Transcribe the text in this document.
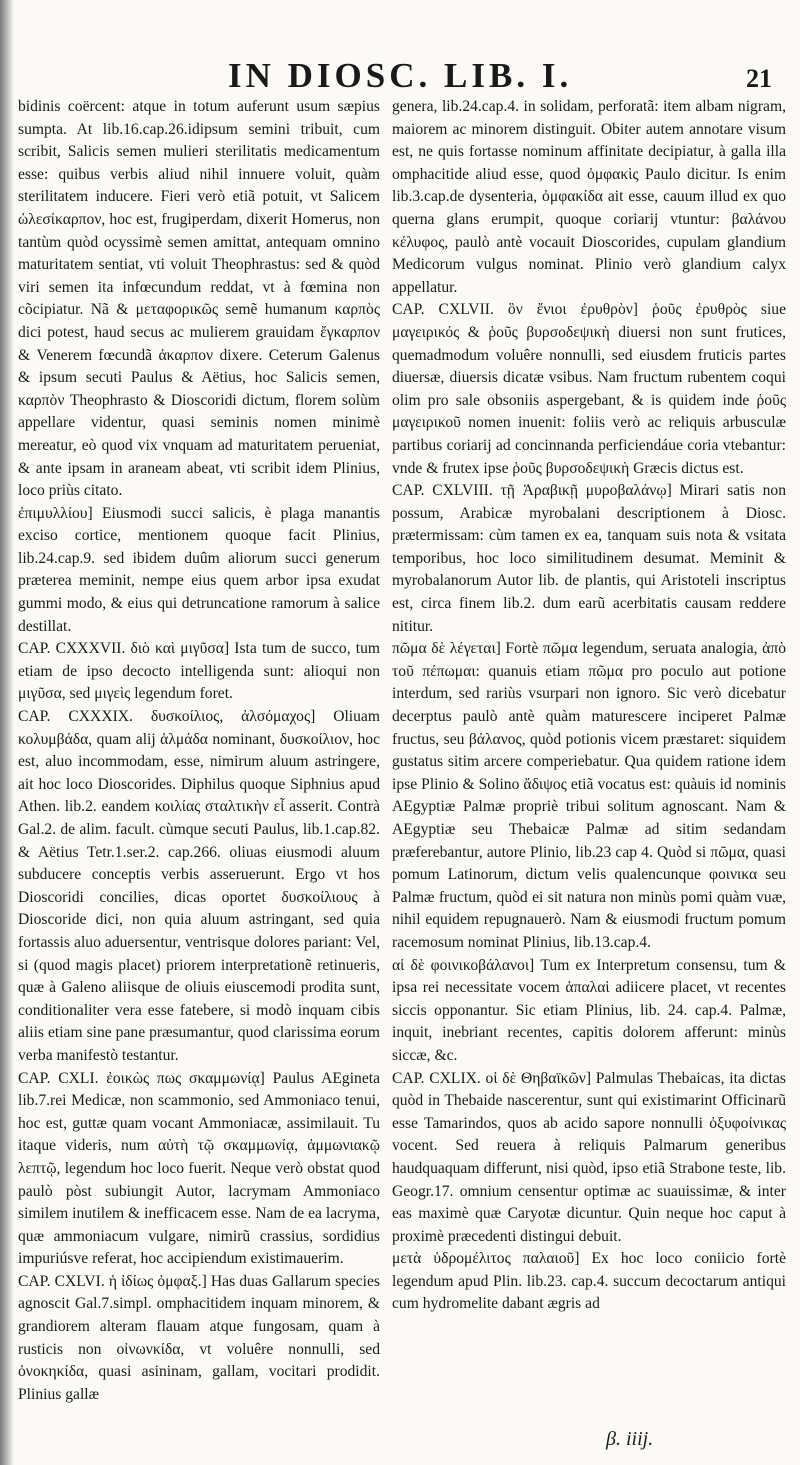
IN DIOSC. LIB. I.	21

bidinis coërcent: atque in totum auferunt usum sæpius sumpta. At lib.16.cap.26.idipsum semini tribuit, cum scribit, Salicis semen mulieri sterilitatis medicamentum esse: quibus verbis aliud nihil innuere voluit, quàm sterilitatem inducere. Fieri verò etiã potuit, vt Salicem ὠλεσίκαρπον, hoc est, frugiperdam, dixerit Homerus, non tantùm quòd ocyssimè semen amittat, antequam omnino maturitatem sentiat, vti voluit Theophrastus: sed & quòd viri semen ita infœcundum reddat, vt à fœmina non cõcipiatur. Nã & μεταφορικῶς semẽ humanum καρπὸς dici potest, haud secus ac mulierem grauidam ἔγκαρπον & Venerem fœcundã ἀκαρπον dixere. Ceterum Galenus & ipsum secuti Paulus & Aëtius, hoc Salicis semen, καρπὸν Theophrasto & Dioscoridi dictum, florem solùm appellare videntur, quasi seminis nomen minimè mereatur, eò quod vix vnquam ad maturitatem perueniat, & ante ipsam in araneam abeat, vti scribit idem Plinius, loco priùs citato.

ἐπιμυλλίου] Eiusmodi succi salicis, è plaga manantis exciso cortice, mentionem quoque facit Plinius, lib.24.cap.9. sed ibidem duûm aliorum succi generum præterea meminit, nempe eius quem arbor ipsa exudat gummi modo, & eius qui detruncatione ramorum à salice destillat.

CAP. CXXXVII. διὸ καὶ μιγῦσα] Ista tum de succo, tum etiam de ipso decocto intelligenda sunt: alioqui non μιγῦσα, sed μιγεὶς legendum foret.

CAP. CXXXIX. δυσκοίλιος, ἀλσόμαχος] Oliuam κολυμβάδα, quam alij ἁλμάδα nominant, δυσκοίλιον, hoc est, aluo incommodam, esse, nimirum aluum astringere, ait hoc loco Dioscorides. Diphilus quoque Siphnius apud Athen. lib.2. eandem κοιλίας σταλτικὴν εἶ asserit. Contrà Gal.2. de alim. facult. cùmque secuti Paulus, lib.1.cap.82. & Aëtius Tetr.1.ser.2. cap.266. oliuas eiusmodi aluum subducere conceptis verbis asseruerunt. Ergo vt hos Dioscoridi concilies, dicas oportet δυσκοίλιους à Dioscoride dici, non quia aluum astringant, sed quia fortassis aluo aduersentur, ventrisque dolores pariant: Vel, si (quod magis placet) priorem interpretationẽ retinueris, quæ à Galeno aliisque de oliuis eiuscemodi prodita sunt, conditionaliter vera esse fatebere, si modò inquam cibis aliis etiam sine pane præsumantur, quod clarissima eorum verba manifestò testantur.

CAP. CXLI. ἐοικὼς πως σκαμμωνίᾳ] Paulus AEgineta lib.7.rei Medicæ, non scammonio, sed Ammoniaco tenui, hoc est, guttæ quam vocant Ammoniacæ, assimilauit. Tu itaque videris, num αὐτὴ τῷ σκαμμωνίᾳ, ἀμμωνιακῷ λεπτῷ, legendum hoc loco fuerit. Neque verò obstat quod paulò pòst subiungit Autor, lacrymam Ammoniaco similem inutilem & inefficacem esse. Nam de ea lacryma, quæ ammoniacum vulgare, nimirũ crassius, sordidius impuriúsve referat, hoc accipiendum existimauerim.

CAP. CXLVI. ἡ ἰδίως ὀμφαξ.] Has duas Gallarum species agnoscit Gal.7.simpl. omphacitidem inquam minorem, & grandiorem alteram flauam atque fungosam, quam à rusticis non οἰνωνκίδα, vt voluêre nonnulli, sed ὀνοκηκίδα, quasi asininam, gallam, vocitari prodidit. Plinius gallæ

genera, lib.24.cap.4. in solidam, perforatã: item albam nigram, maiorem ac minorem distinguit. Obiter autem annotare visum est, ne quis fortasse nominum affinitate decipiatur, à galla illa omphacitide aliud esse, quod ὀμφακὶς Paulo dicitur. Is enim lib.3.cap.de dysenteria, ὀμφακίδα ait esse, cauum illud ex quo querna glans erumpit, quoque coriarij vtuntur: βαλάνου κέλυφος, paulò antè vocauit Dioscorides, cupulam glandium Medicorum vulgus nominat. Plinio verò glandium calyx appellatur.

CAP. CXLVII. ὃν ἔνιοι ἐρυθρὸν] ῥοῦς ἐρυθρὸς siue μαγειρικός & ῥοῦς βυρσοδεψικὴ diuersi non sunt frutices, quemadmodum voluêre nonnulli, sed eiusdem fruticis partes diuersæ, diuersis dicatæ vsibus. Nam fructum rubentem coqui olim pro sale obsoniis aspergebant, & is quidem inde ῥοῦς μαγειρικοῦ nomen inuenit: foliis verò ac reliquis arbusculæ partibus coriarij ad concinnanda perficiendáue coria vtebantur: vnde & frutex ipse ῥοῦς βυρσοδεψικὴ Græcis dictus est.

CAP. CXLVIII. τῇ Ἀραβικῇ μυροβαλάνῳ] Mirari satis non possum, Arabicæ myrobalani descriptionem à Diosc. prætermissam: cùm tamen ex ea, tanquam suis nota & vsitata temporibus, hoc loco similitudinem desumat. Meminit & myrobalanorum Autor lib. de plantis, qui Aristoteli inscriptus est, circa finem lib.2. dum earũ acerbitatis causam reddere nititur.

πῶμα δὲ λέγεται] Fortè πῶμα legendum, seruata analogia, ἀπὸ τοῦ πέπωμαι: quanuis etiam πῶμα pro poculo aut potione interdum, sed rariùs vsurpari non ignoro. Sic verò dicebatur decerptus paulò antè quàm maturescere inciperet Palmæ fructus, seu βάλανος, quòd potionis vicem præstaret: siquidem gustatus sitim arcere comperiebatur. Qua quidem ratione idem ipse Plinio & Solino ἄδιψος etiã vocatus est: quàuis id nominis AEgyptiæ Palmæ propriè tribui solitum agnoscant. Nam & AEgyptiæ seu Thebaicæ Palmæ ad sitim sedandam præferebantur, autore Plinio, lib.23 cap 4. Quòd si πῶμα, quasi pomum Latinorum, dictum velis qualencunque φοινικα seu Palmæ fructum, quòd ei sit natura non minùs pomi quàm vuæ, nihil equidem repugnauerò. Nam & eiusmodi fructum pomum racemosum nominat Plinius, lib.13.cap.4.

αἱ δὲ φοινικοβάλανοι] Tum ex Interpretum consensu, tum & ipsa rei necessitate vocem ἁπαλαὶ adiicere placet, vt recentes siccis opponantur. Sic etiam Plinius, lib. 24. cap.4. Palmæ, inquit, inebriant recentes, capitis dolorem afferunt: minùs siccæ, &c.

CAP. CXLIX. οἱ δὲ Θηβαϊκῶν] Palmulas Thebaicas, ita dictas quòd in Thebaide nascerentur, sunt qui existimarint Officinarũ esse Tamarindos, quos ab acido sapore nonnulli ὀξυφοίνικας vocent. Sed reuera à reliquis Palmarum generibus haudquaquam differunt, nisi quòd, ipso etiã Strabone teste, lib. Geogr.17. omnium censentur optimæ ac suauissimæ, & inter eas maximè quæ Caryotæ dicuntur. Quin neque hoc caput à proximè præcedenti distingui debuit.

μετὰ ὑδρομέλιτος παλαιοῦ] Ex hoc loco coniicio fortè legendum apud Plin. lib.23. cap.4. succum decoctarum antiqui cum hydromelite dabant ægris ad

β. iiij.
